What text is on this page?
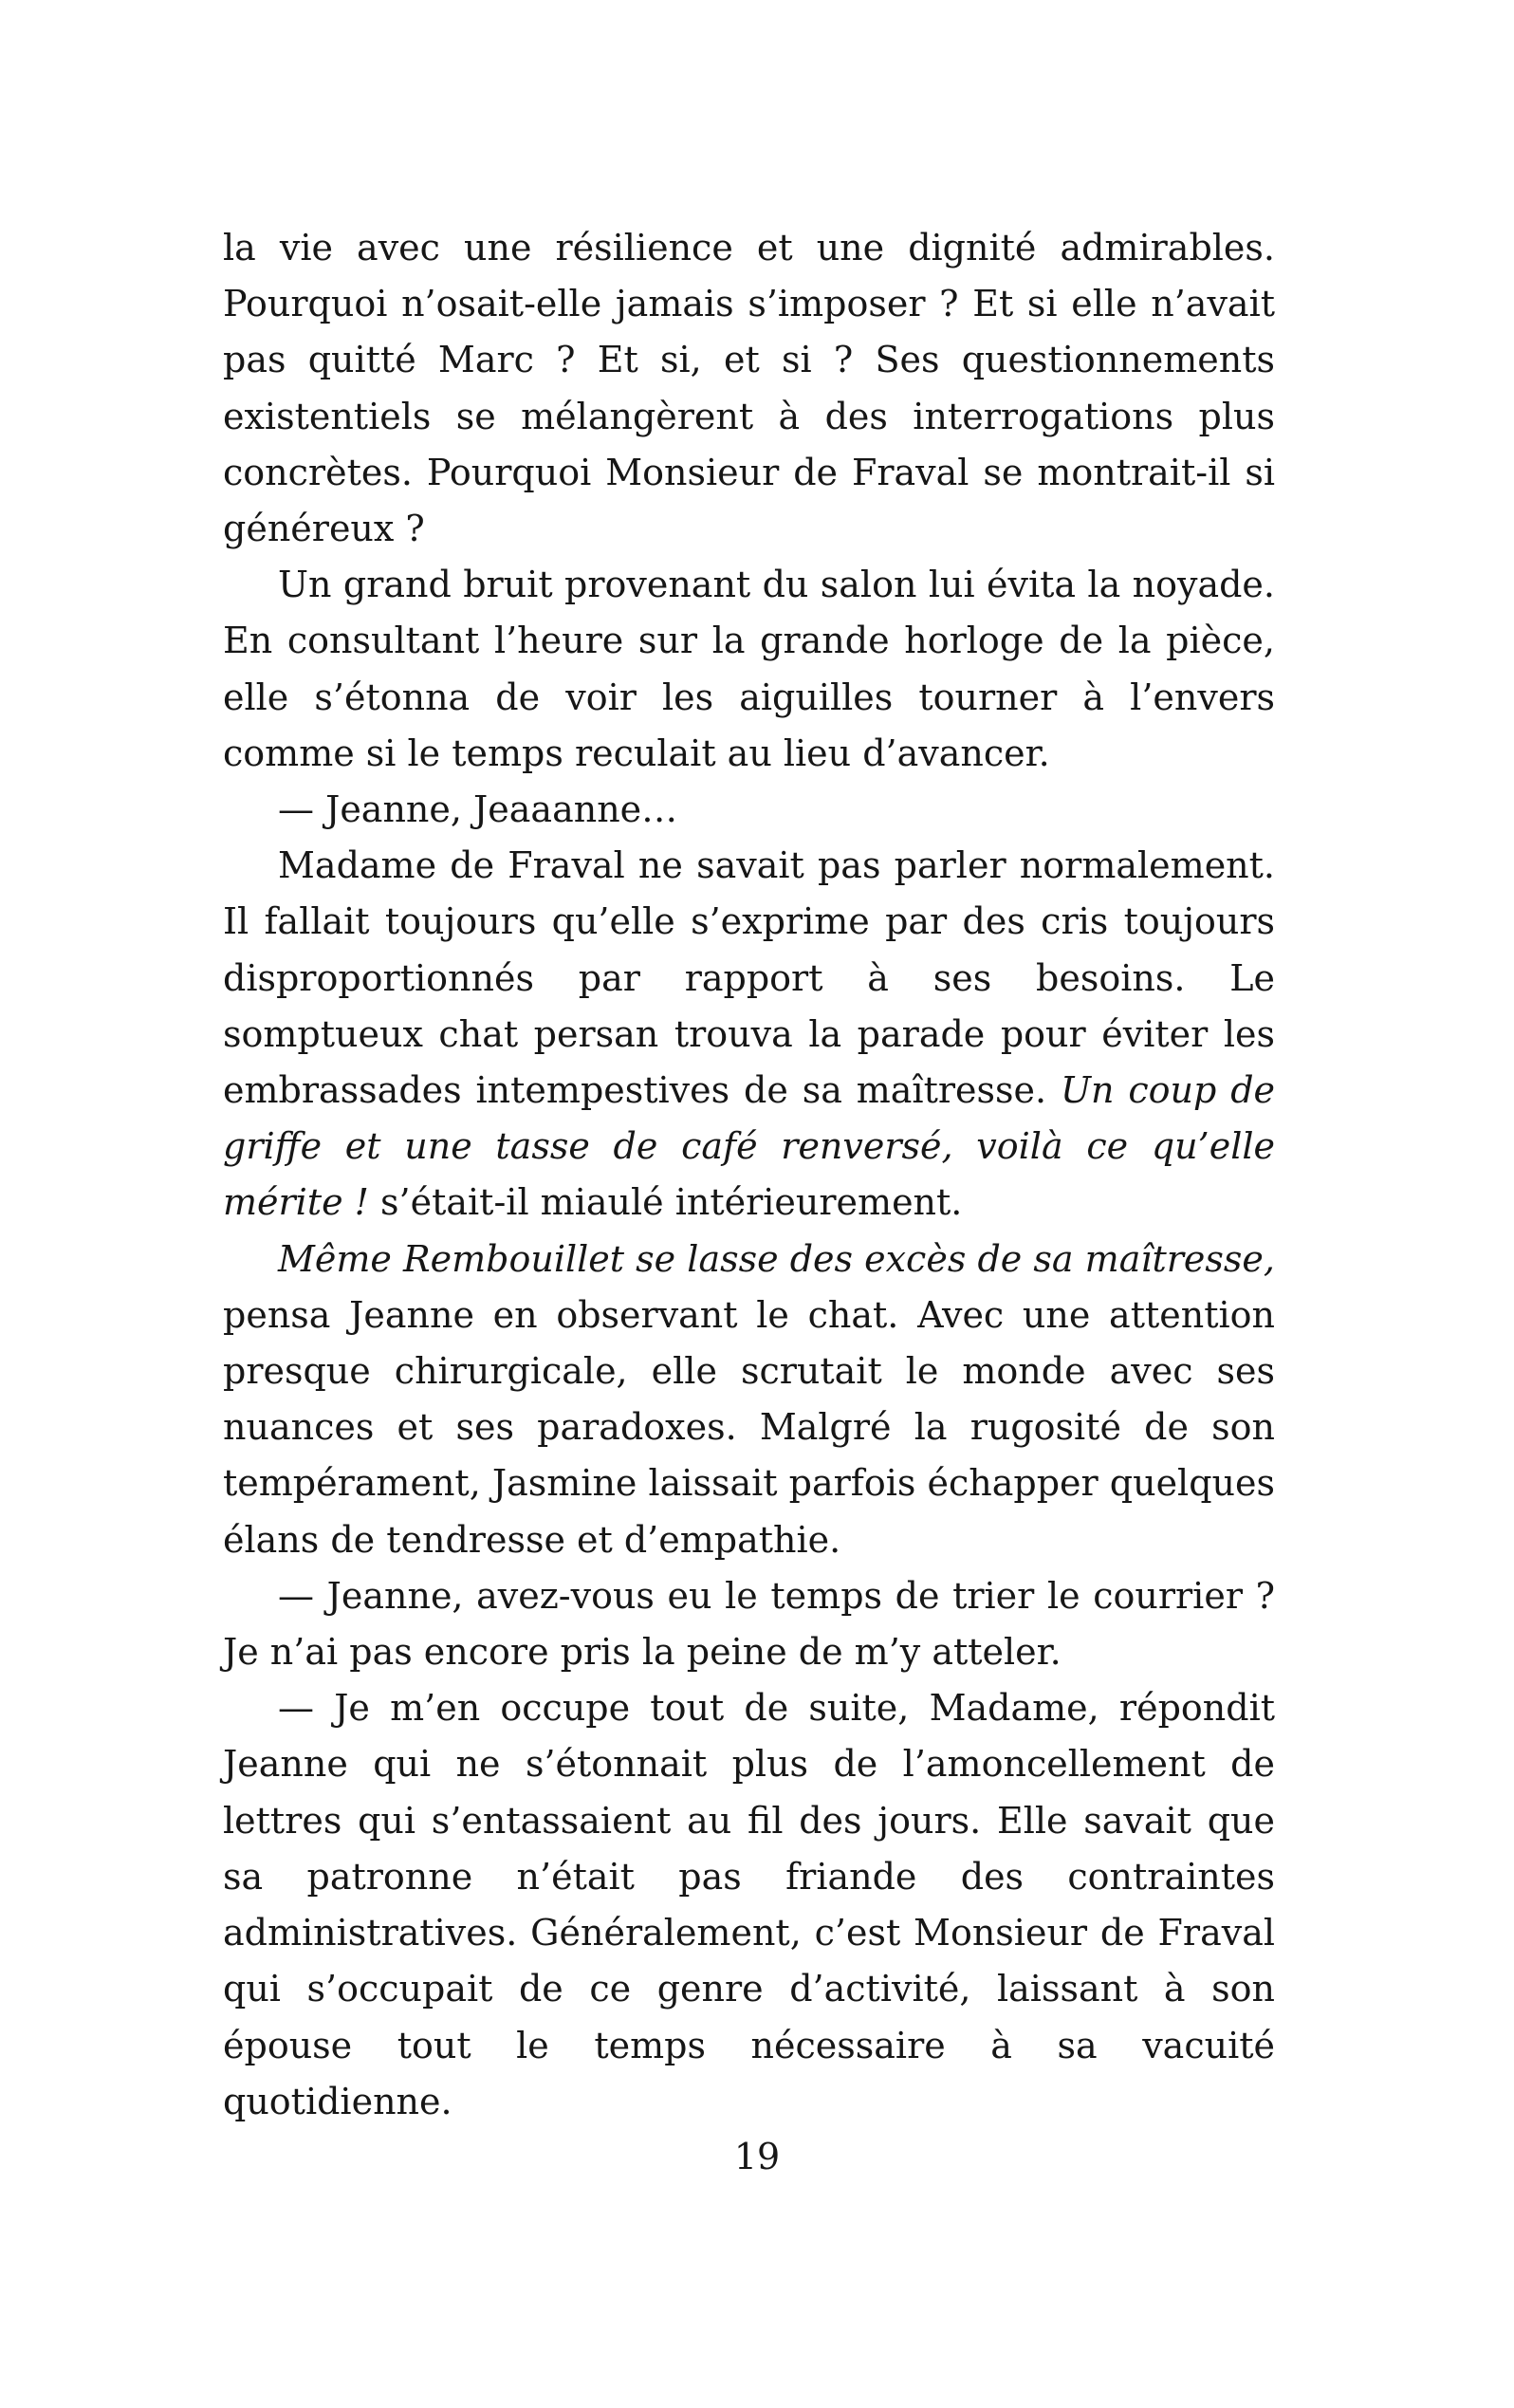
la vie avec une résilience et une dignité admirables. Pourquoi n’osait-elle jamais s’imposer ? Et si elle n’avait pas quitté Marc ? Et si, et si ? Ses questionnements existentiels se mélangèrent à des interrogations plus concrètes. Pourquoi Monsieur de Fraval se montrait-il si généreux ?

Un grand bruit provenant du salon lui évita la noyade. En consultant l’heure sur la grande horloge de la pièce, elle s’étonna de voir les aiguilles tourner à l’envers comme si le temps reculait au lieu d’avancer.

— Jeanne, Jeaaanne…

Madame de Fraval ne savait pas parler normalement. Il fallait toujours qu’elle s’exprime par des cris toujours disproportionnés par rapport à ses besoins. Le somptueux chat persan trouva la parade pour éviter les embrassades intempestives de sa maîtresse. Un coup de griffe et une tasse de café renversé, voilà ce qu’elle mérite ! s’était-il miaulé intérieurement.

Même Rembouillet se lasse des excès de sa maîtresse, pensa Jeanne en observant le chat. Avec une attention presque chirurgicale, elle scrutait le monde avec ses nuances et ses paradoxes. Malgré la rugosité de son tempérament, Jasmine laissait parfois échapper quelques élans de tendresse et d’empathie.

— Jeanne, avez-vous eu le temps de trier le courrier ? Je n’ai pas encore pris la peine de m’y atteler.

— Je m’en occupe tout de suite, Madame, répondit Jeanne qui ne s’étonnait plus de l’amoncellement de lettres qui s’entassaient au fil des jours. Elle savait que sa patronne n’était pas friande des contraintes administratives. Généralement, c’est Monsieur de Fraval qui s’occupait de ce genre d’activité, laissant à son épouse tout le temps nécessaire à sa vacuité quotidienne.

19
